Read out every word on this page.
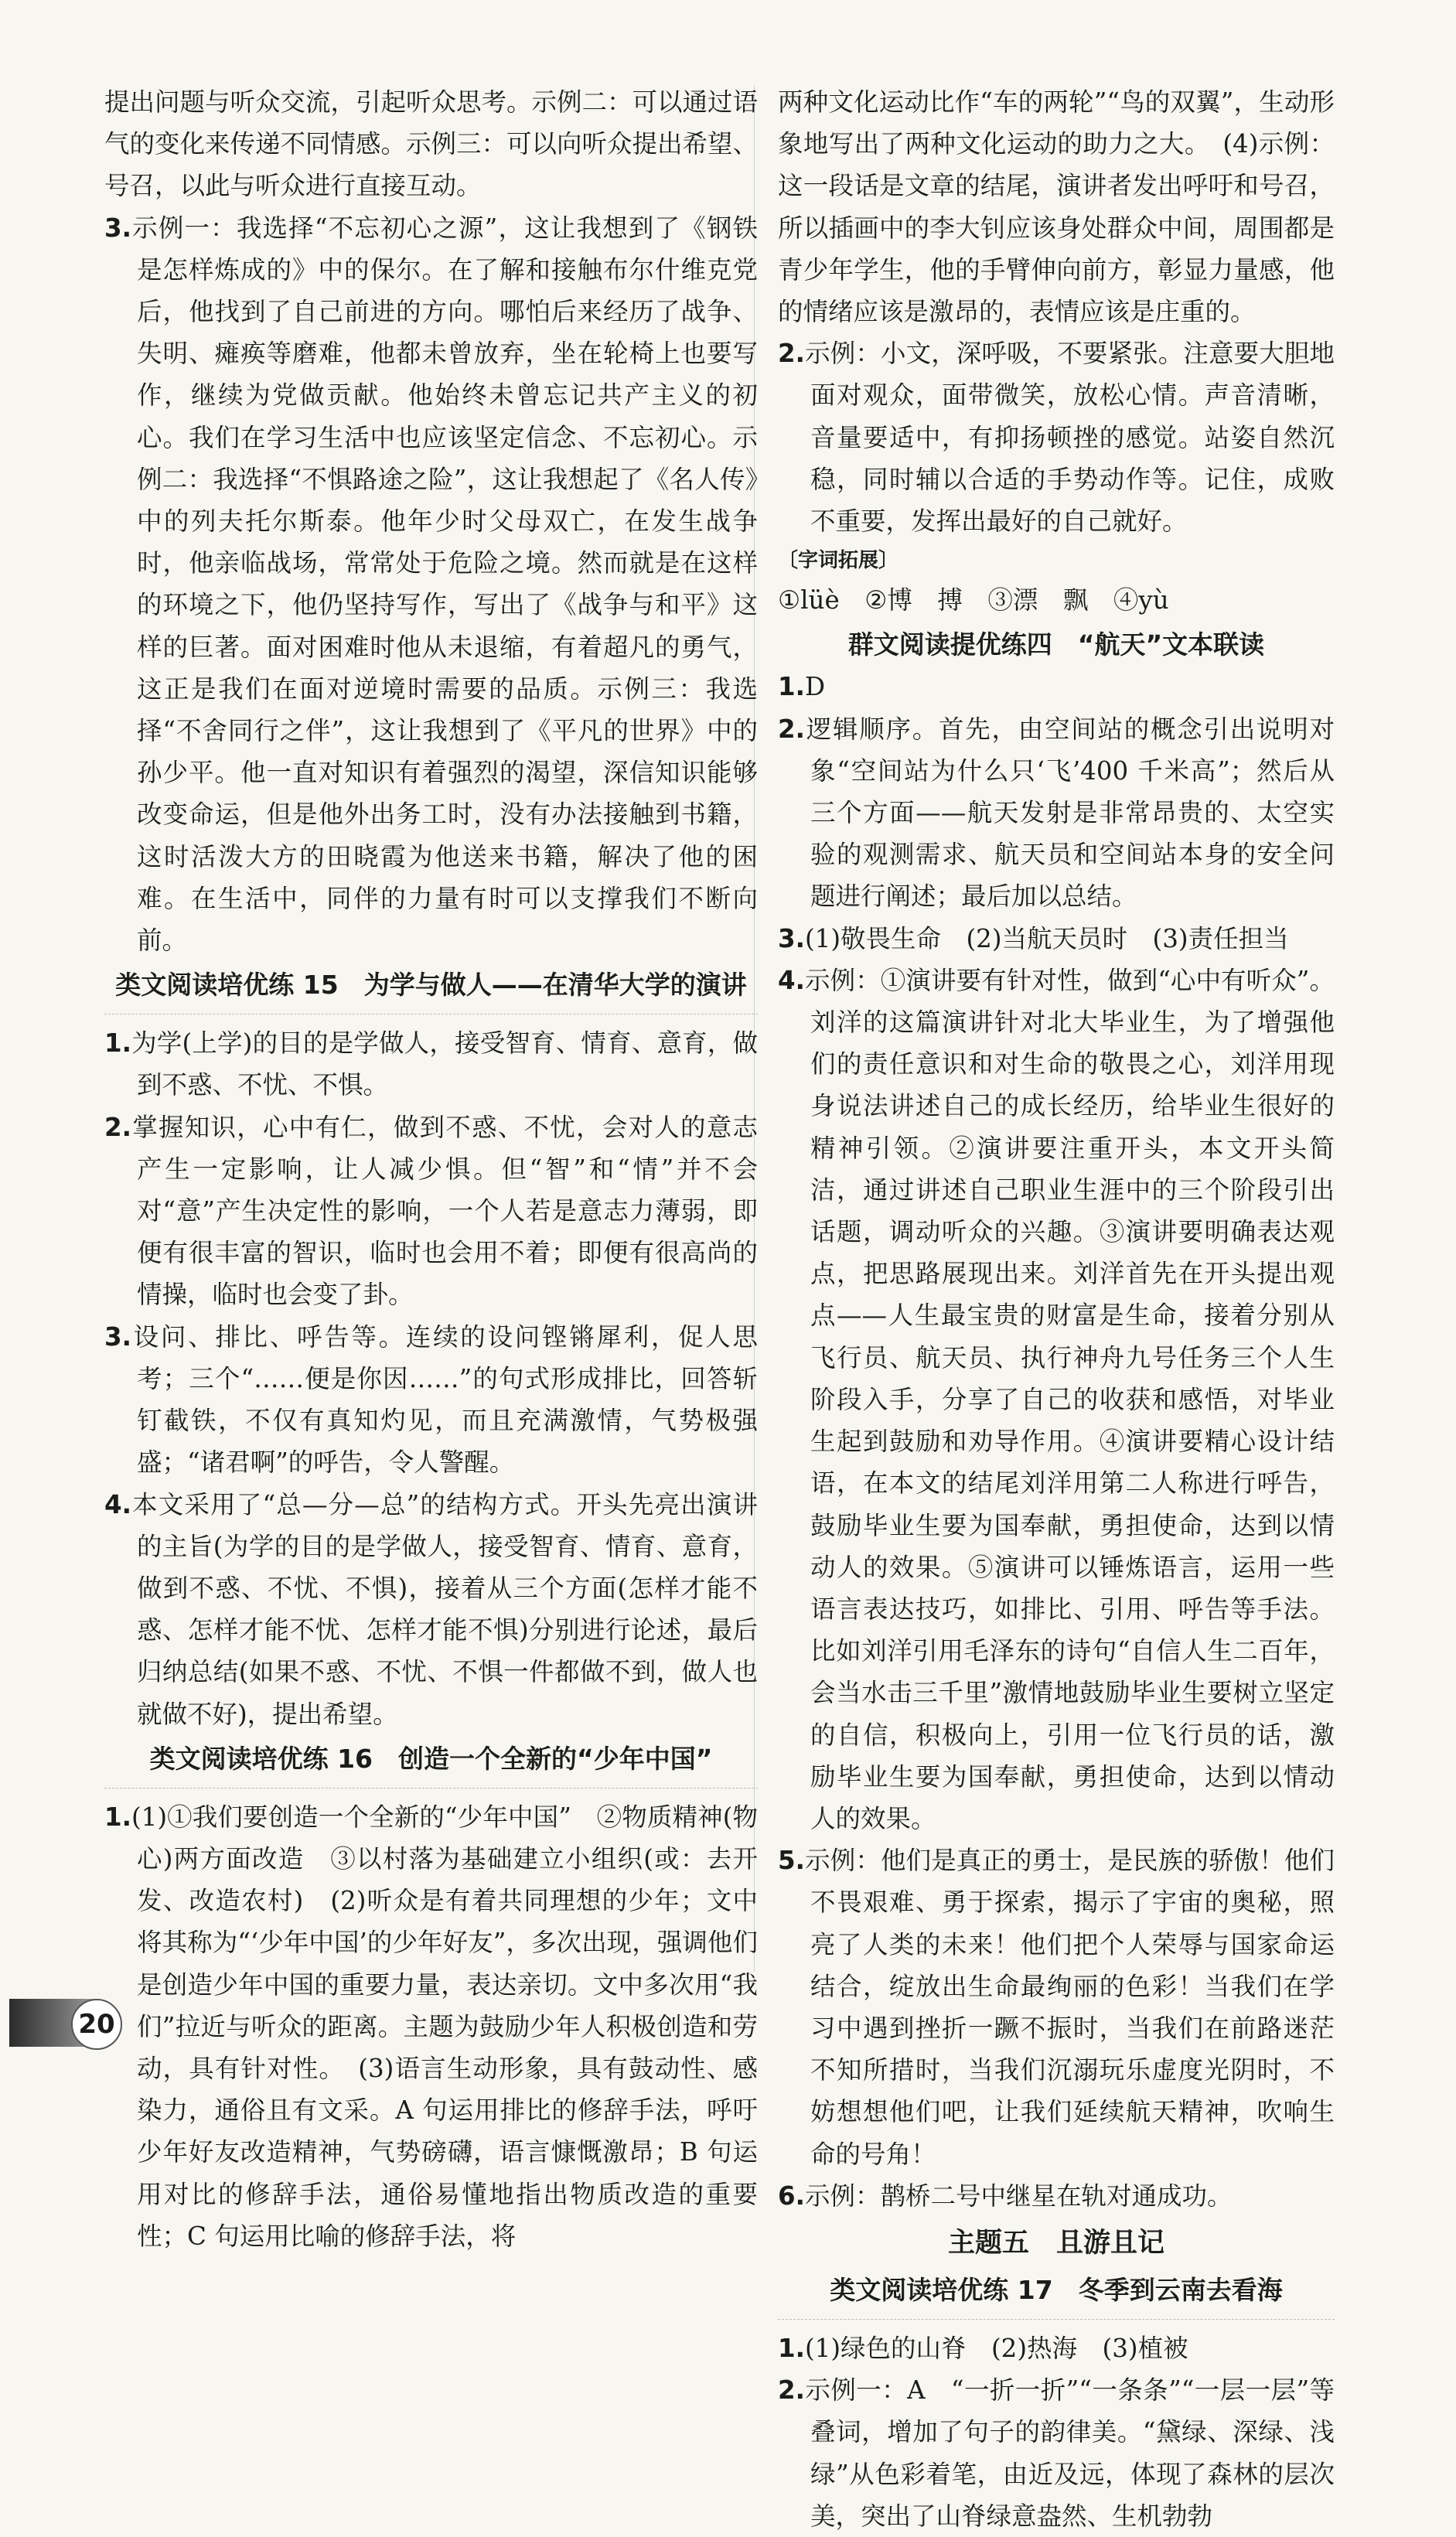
提出问题与听众交流，引起听众思考。示例二：可以通过语气的变化来传递不同情感。示例三：可以向听众提出希望、号召，以此与听众进行直接互动。

3.示例一：我选择“不忘初心之源”，这让我想到了《钢铁是怎样炼成的》中的保尔。在了解和接触布尔什维克党后，他找到了自己前进的方向。哪怕后来经历了战争、失明、瘫痪等磨难，他都未曾放弃，坐在轮椅上也要写作，继续为党做贡献。他始终未曾忘记共产主义的初心。我们在学习生活中也应该坚定信念、不忘初心。示例二：我选择“不惧路途之险”，这让我想起了《名人传》中的列夫托尔斯泰。他年少时父母双亡，在发生战争时，他亲临战场，常常处于危险之境。然而就是在这样的环境之下，他仍坚持写作，写出了《战争与和平》这样的巨著。面对困难时他从未退缩，有着超凡的勇气，这正是我们在面对逆境时需要的品质。示例三：我选择“不舍同行之伴”，这让我想到了《平凡的世界》中的孙少平。他一直对知识有着强烈的渴望，深信知识能够改变命运，但是他外出务工时，没有办法接触到书籍，这时活泼大方的田晓霞为他送来书籍，解决了他的困难。在生活中，同伴的力量有时可以支撑我们不断向前。

类文阅读培优练 15　为学与做人——在清华大学的演讲

1.为学(上学)的目的是学做人，接受智育、情育、意育，做到不惑、不忧、不惧。

2.掌握知识，心中有仁，做到不惑、不忧，会对人的意志产生一定影响，让人减少惧。但“智”和“情”并不会对“意”产生决定性的影响，一个人若是意志力薄弱，即便有很丰富的智识，临时也会用不着；即便有很高尚的情操，临时也会变了卦。

3.设问、排比、呼告等。连续的设问铿锵犀利，促人思考；三个“……便是你因……”的句式形成排比，回答斩钉截铁，不仅有真知灼见，而且充满激情，气势极强盛；“诸君啊”的呼告，令人警醒。

4.本文采用了“总—分—总”的结构方式。开头先亮出演讲的主旨(为学的目的是学做人，接受智育、情育、意育，做到不惑、不忧、不惧)，接着从三个方面(怎样才能不惑、怎样才能不忧、怎样才能不惧)分别进行论述，最后归纳总结(如果不惑、不忧、不惧一件都做不到，做人也就做不好)，提出希望。

类文阅读培优练 16　创造一个全新的“少年中国”

1.(1)①我们要创造一个全新的“少年中国”　②物质精神(物心)两方面改造　③以村落为基础建立小组织(或：去开发、改造农村)　(2)听众是有着共同理想的少年；文中将其称为“‘少年中国’的少年好友”，多次出现，强调他们是创造少年中国的重要力量，表达亲切。文中多次用“我们”拉近与听众的距离。主题为鼓励少年人积极创造和劳动，具有针对性。　(3)语言生动形象，具有鼓动性、感染力，通俗且有文采。A 句运用排比的修辞手法，呼吁少年好友改造精神，气势磅礴，语言慷慨激昂；B 句运用对比的修辞手法，通俗易懂地指出物质改造的重要性；C 句运用比喻的修辞手法，将

两种文化运动比作“车的两轮”“鸟的双翼”，生动形象地写出了两种文化运动的助力之大。　(4)示例：这一段话是文章的结尾，演讲者发出呼吁和号召，所以插画中的李大钊应该身处群众中间，周围都是青少年学生，他的手臂伸向前方，彰显力量感，他的情绪应该是激昂的，表情应该是庄重的。

2.示例：小文，深呼吸，不要紧张。注意要大胆地面对观众，面带微笑，放松心情。声音清晰，音量要适中，有抑扬顿挫的感觉。站姿自然沉稳，同时辅以合适的手势动作等。记住，成败不重要，发挥出最好的自己就好。

〔字词拓展〕

①lüè　②博　搏　③漂　飘　④yù

群文阅读提优练四　“航天”文本联读

1.D

2.逻辑顺序。首先，由空间站的概念引出说明对象“空间站为什么只‘飞’400 千米高”；然后从三个方面——航天发射是非常昂贵的、太空实验的观测需求、航天员和空间站本身的安全问题进行阐述；最后加以总结。

3.(1)敬畏生命　(2)当航天员时　(3)责任担当

4.示例：①演讲要有针对性，做到“心中有听众”。刘洋的这篇演讲针对北大毕业生，为了增强他们的责任意识和对生命的敬畏之心，刘洋用现身说法讲述自己的成长经历，给毕业生很好的精神引领。②演讲要注重开头，本文开头简洁，通过讲述自己职业生涯中的三个阶段引出话题，调动听众的兴趣。③演讲要明确表达观点，把思路展现出来。刘洋首先在开头提出观点——人生最宝贵的财富是生命，接着分别从飞行员、航天员、执行神舟九号任务三个人生阶段入手，分享了自己的收获和感悟，对毕业生起到鼓励和劝导作用。④演讲要精心设计结语，在本文的结尾刘洋用第二人称进行呼告，鼓励毕业生要为国奉献，勇担使命，达到以情动人的效果。⑤演讲可以锤炼语言，运用一些语言表达技巧，如排比、引用、呼告等手法。比如刘洋引用毛泽东的诗句“自信人生二百年，会当水击三千里”激情地鼓励毕业生要树立坚定的自信，积极向上，引用一位飞行员的话，激励毕业生要为国奉献，勇担使命，达到以情动人的效果。

5.示例：他们是真正的勇士，是民族的骄傲！他们不畏艰难、勇于探索，揭示了宇宙的奥秘，照亮了人类的未来！他们把个人荣辱与国家命运结合，绽放出生命最绚丽的色彩！当我们在学习中遇到挫折一蹶不振时，当我们在前路迷茫不知所措时，当我们沉溺玩乐虚度光阴时，不妨想想他们吧，让我们延续航天精神，吹响生命的号角！

6.示例：鹊桥二号中继星在轨对通成功。

主题五　且游且记
类文阅读培优练 17　冬季到云南去看海

1.(1)绿色的山脊　(2)热海　(3)植被

2.示例一：A　“一折一折”“一条条”“一层一层”等叠词，增加了句子的韵律美。“黛绿、深绿、浅绿”从色彩着笔，由近及远，体现了森林的层次美，突出了山脊绿意盎然、生机勃勃

20
